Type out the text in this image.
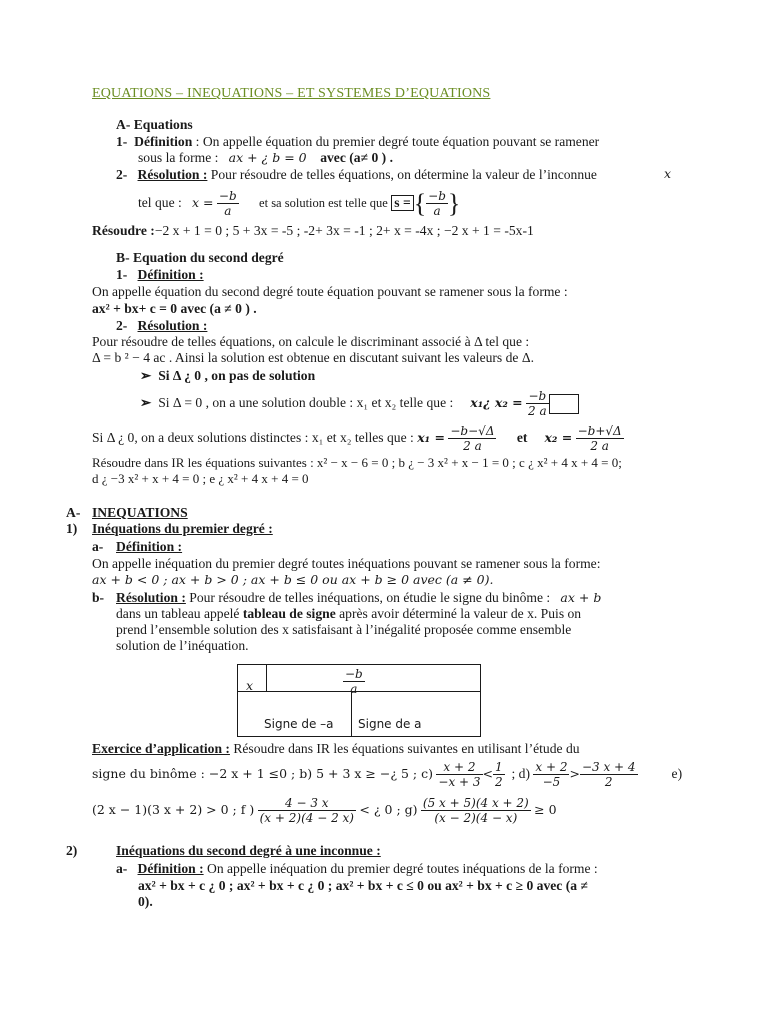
EQUATIONS – INEQUATIONS – ET SYSTEMES D’EQUATIONS
A- Equations
1- Définition : On appelle équation du premier degré toute équation pouvant se ramener
sous la forme : ax + ¿ b = 0 avec (a≠ 0 ) .
2- Résolution : Pour résoudre de telles équations, on détermine la valeur de l’inconnue	x
tel que : $x = \frac{-b}{a}$ et sa solution est telle que s = { $\frac{-b}{a}$ }
Résoudre :−2 x + 1 = 0 ; 5 + 3x = -5 ; -2+ 3x = -1 ; 2+ x = -4x ; −2 x + 1 = -5x-1
B- Equation du second degré
1- Définition :
On appelle équation du second degré toute équation pouvant se ramener sous la forme :
ax² + bx+ c = 0 avec (a ≠ 0 ) .
2- Résolution :
Pour résoudre de telles équations, on calcule le discriminant associé à Δ tel que :
Δ = b ² − 4 ac . Ainsi la solution est obtenue en discutant suivant les valeurs de Δ.
➢ Si Δ ¿ 0 , on pas de solution
➢ Si Δ = 0 , on a une solution double : x₁ et x₂ telle que : x₁¿ $x_2 = \frac{-b}{2 a}$
Si Δ ¿ 0, on a deux solutions distinctes : x₁ et x₂ telles que : $x_1 = \frac{-b-√\Delta}{2 a}$ et $x_2 = \frac{-b+√\Delta}{2 a}$
Résoudre dans IR les équations suivantes : x² − x − 6 = 0 ; b ¿ − 3 x² + x − 1 = 0 ; c ¿ x² + 4 x + 4 = 0;
d ¿ −3 x² + x + 4 = 0 ; e ¿ x² + 4 x + 4 = 0
A- INEQUATIONS
1) Inéquations du premier degré :
a- Définition :
On appelle inéquation du premier degré toutes inéquations pouvant se ramener sous la forme:
ax + b < 0 ; ax + b > 0 ; ax + b ≤ 0 ou ax + b ≥ 0 avec (a ≠ 0).
b- Résolution : Pour résoudre de telles inéquations, on étudie le signe du binôme : ax + b
dans un tableau appelé tableau de signe après avoir déterminé la valeur de x. Puis on
prend l’ensemble solution des x satisfaisant à l’inégalité proposée comme ensemble
solution de l’inéquation.
x	$\frac{-b}{a}$
Signe de –a Signe de a
Exercice d’application : Résoudre dans IR les équations suivantes en utilisant l’étude du
signe du binôme : −2 x + 1 ≤0 ; b) 5 + 3 x ≥ −¿ 5 ; $c) \frac{x + 2}{-x + 3} < \frac{1}{2}$ ; $d) \frac{x + 2}{-5} > \frac{-3 x + 4}{2} e$)
(2 x − 1)(3 x + 2) > 0 ; f ) $\frac{4 - 3 x}{(x + 2)(4 - 2 x)}$ < ¿ 0 ; $g) \frac{(5 x + 5)(4 x + 2)}{(x - 2)(4 - x)} \ge 0$
2)	Inéquations du second degré à une inconnue :
a- Définition : On appelle inéquation du premier degré toutes inéquations de la forme :
ax² + bx + c ¿ 0 ; ax² + bx + c ¿ 0 ; ax² + bx + c ≤ 0 ou ax² + bx + c ≥ 0 avec (a ≠
0).
